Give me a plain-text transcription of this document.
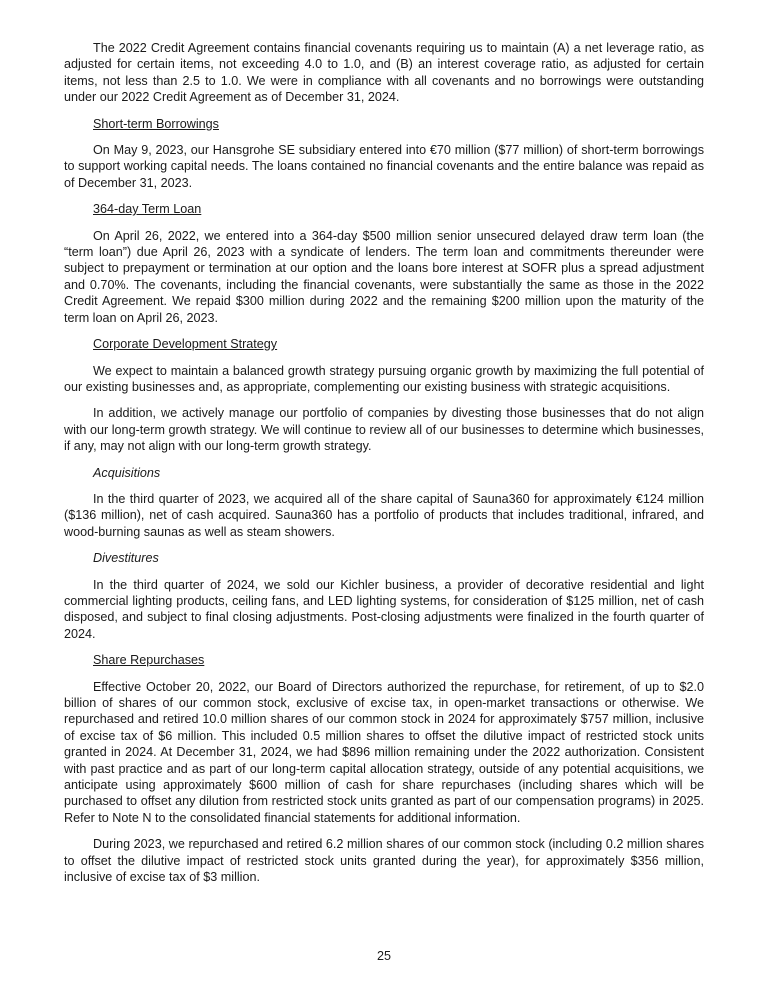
The 2022 Credit Agreement contains financial covenants requiring us to maintain (A) a net leverage ratio, as adjusted for certain items, not exceeding 4.0 to 1.0, and (B) an interest coverage ratio, as adjusted for certain items, not less than 2.5 to 1.0. We were in compliance with all covenants and no borrowings were outstanding under our 2022 Credit Agreement as of December 31, 2024.

Short-term Borrowings

On May 9, 2023, our Hansgrohe SE subsidiary entered into €70 million ($77 million) of short-term borrowings to support working capital needs. The loans contained no financial covenants and the entire balance was repaid as of December 31, 2023.

364-day Term Loan

On April 26, 2022, we entered into a 364-day $500 million senior unsecured delayed draw term loan (the “term loan”) due April 26, 2023 with a syndicate of lenders. The term loan and commitments thereunder were subject to prepayment or termination at our option and the loans bore interest at SOFR plus a spread adjustment and 0.70%. The covenants, including the financial covenants, were substantially the same as those in the 2022 Credit Agreement. We repaid $300 million during 2022 and the remaining $200 million upon the maturity of the term loan on April 26, 2023.

Corporate Development Strategy

We expect to maintain a balanced growth strategy pursuing organic growth by maximizing the full potential of our existing businesses and, as appropriate, complementing our existing business with strategic acquisitions.

In addition, we actively manage our portfolio of companies by divesting those businesses that do not align with our long-term growth strategy. We will continue to review all of our businesses to determine which businesses, if any, may not align with our long-term growth strategy.

Acquisitions

In the third quarter of 2023, we acquired all of the share capital of Sauna360 for approximately €124 million ($136 million), net of cash acquired. Sauna360 has a portfolio of products that includes traditional, infrared, and wood-burning saunas as well as steam showers.

Divestitures

In the third quarter of 2024, we sold our Kichler business, a provider of decorative residential and light commercial lighting products, ceiling fans, and LED lighting systems, for consideration of $125 million, net of cash disposed, and subject to final closing adjustments. Post-closing adjustments were finalized in the fourth quarter of 2024.

Share Repurchases

Effective October 20, 2022, our Board of Directors authorized the repurchase, for retirement, of up to $2.0 billion of shares of our common stock, exclusive of excise tax, in open-market transactions or otherwise. We repurchased and retired 10.0 million shares of our common stock in 2024 for approximately $757 million, inclusive of excise tax of $6 million. This included 0.5 million shares to offset the dilutive impact of restricted stock units granted in 2024. At December 31, 2024, we had $896 million remaining under the 2022 authorization. Consistent with past practice and as part of our long-term capital allocation strategy, outside of any potential acquisitions, we anticipate using approximately $600 million of cash for share repurchases (including shares which will be purchased to offset any dilution from restricted stock units granted as part of our compensation programs) in 2025. Refer to Note N to the consolidated financial statements for additional information.

During 2023, we repurchased and retired 6.2 million shares of our common stock (including 0.2 million shares to offset the dilutive impact of restricted stock units granted during the year), for approximately $356 million, inclusive of excise tax of $3 million.

25
